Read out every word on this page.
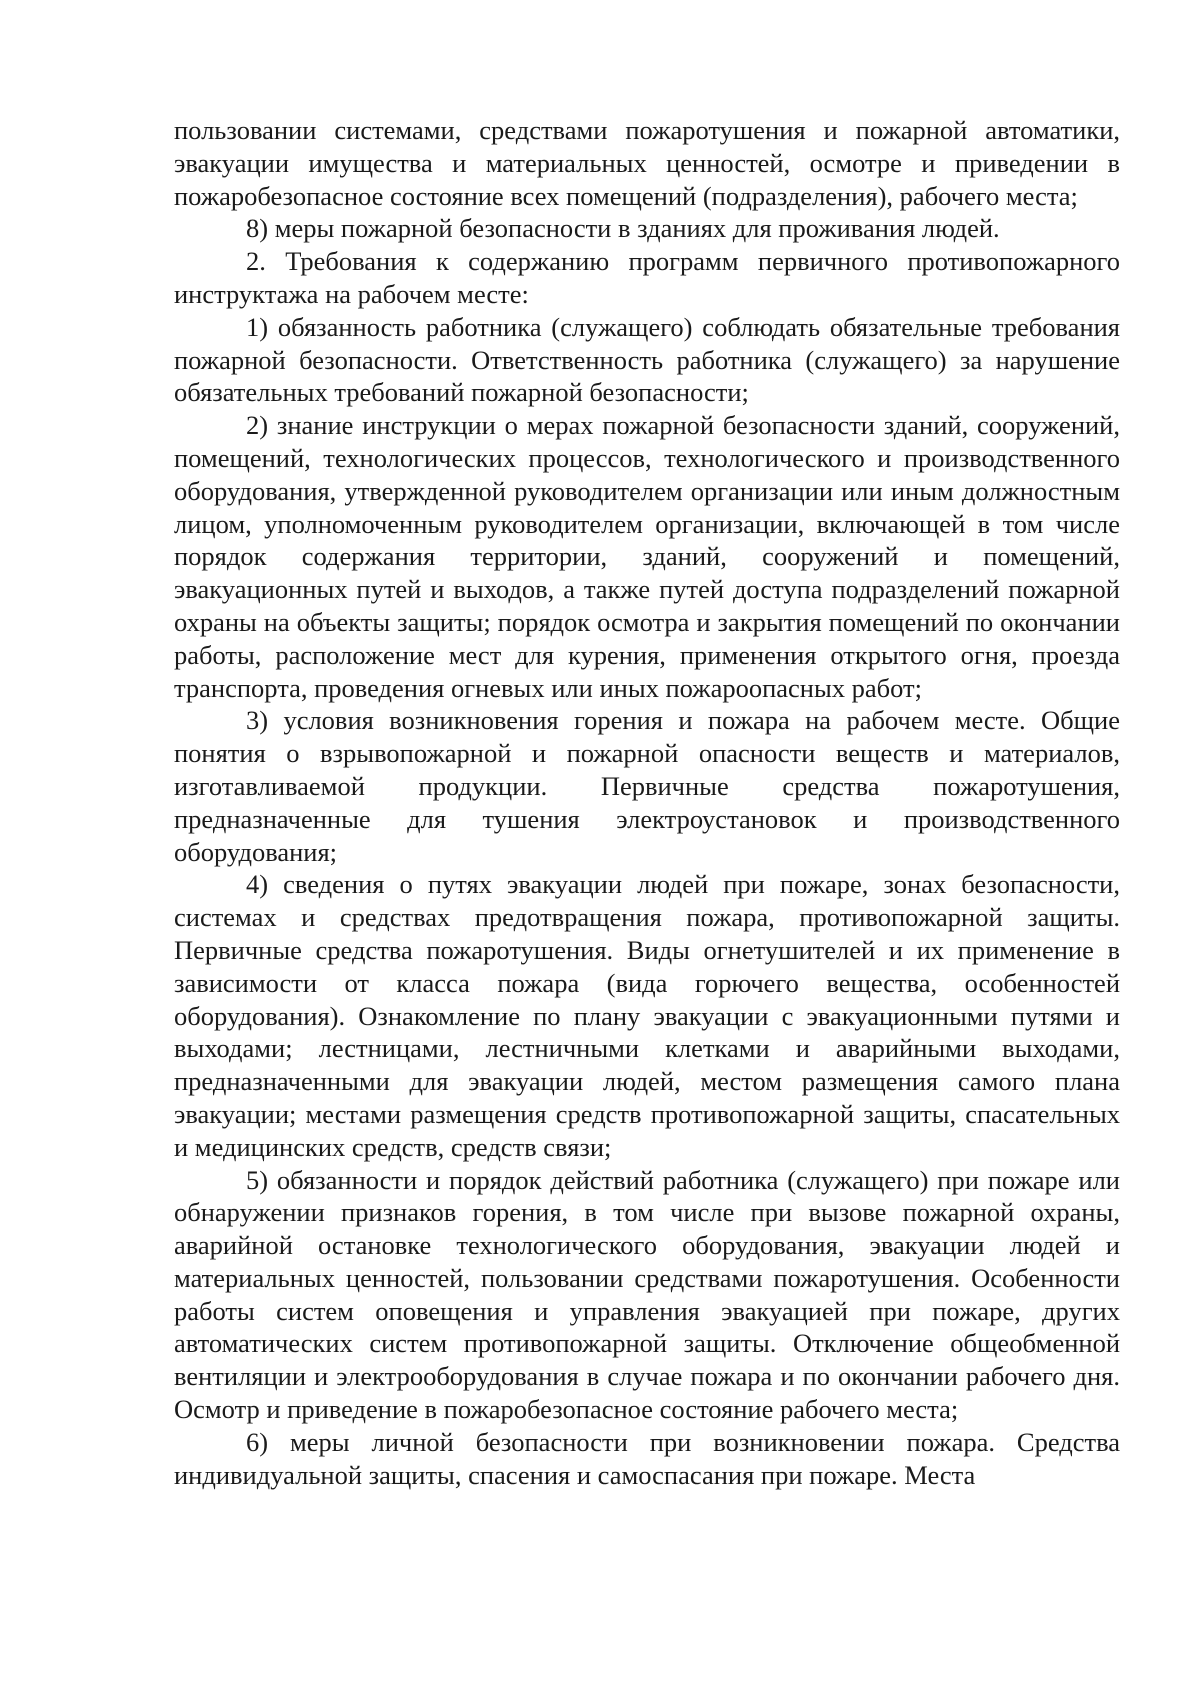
пользовании системами, средствами пожаротушения и пожарной автоматики, эвакуации имущества и материальных ценностей, осмотре и приведении в пожаробезопасное состояние всех помещений (подразделения), рабочего места;

8) меры пожарной безопасности в зданиях для проживания людей.

2. Требования к содержанию программ первичного противопожарного инструктажа на рабочем месте:

1) обязанность работника (служащего) соблюдать обязательные требования пожарной безопасности. Ответственность работника (служащего) за нарушение обязательных требований пожарной безопасности;

2) знание инструкции о мерах пожарной безопасности зданий, сооружений, помещений, технологических процессов, технологического и производственного оборудования, утвержденной руководителем организации или иным должностным лицом, уполномоченным руководителем организации, включающей в том числе порядок содержания территории, зданий, сооружений и помещений, эвакуационных путей и выходов, а также путей доступа подразделений пожарной охраны на объекты защиты; порядок осмотра и закрытия помещений по окончании работы, расположение мест для курения, применения открытого огня, проезда транспорта, проведения огневых или иных пожароопасных работ;

3) условия возникновения горения и пожара на рабочем месте. Общие понятия о взрывопожарной и пожарной опасности веществ и материалов, изготавливаемой продукции. Первичные средства пожаротушения, предназначенные для тушения электроустановок и производственного оборудования;

4) сведения о путях эвакуации людей при пожаре, зонах безопасности, системах и средствах предотвращения пожара, противопожарной защиты. Первичные средства пожаротушения. Виды огнетушителей и их применение в зависимости от класса пожара (вида горючего вещества, особенностей оборудования). Ознакомление по плану эвакуации с эвакуационными путями и выходами; лестницами, лестничными клетками и аварийными выходами, предназначенными для эвакуации людей, местом размещения самого плана эвакуации; местами размещения средств противопожарной защиты, спасательных и медицинских средств, средств связи;

5) обязанности и порядок действий работника (служащего) при пожаре или обнаружении признаков горения, в том числе при вызове пожарной охраны, аварийной остановке технологического оборудования, эвакуации людей и материальных ценностей, пользовании средствами пожаротушения. Особенности работы систем оповещения и управления эвакуацией при пожаре, других автоматических систем противопожарной защиты. Отключение общеобменной вентиляции и электрооборудования в случае пожара и по окончании рабочего дня. Осмотр и приведение в пожаробезопасное состояние рабочего места;

6) меры личной безопасности при возникновении пожара. Средства индивидуальной защиты, спасения и самоспасания при пожаре. Места
